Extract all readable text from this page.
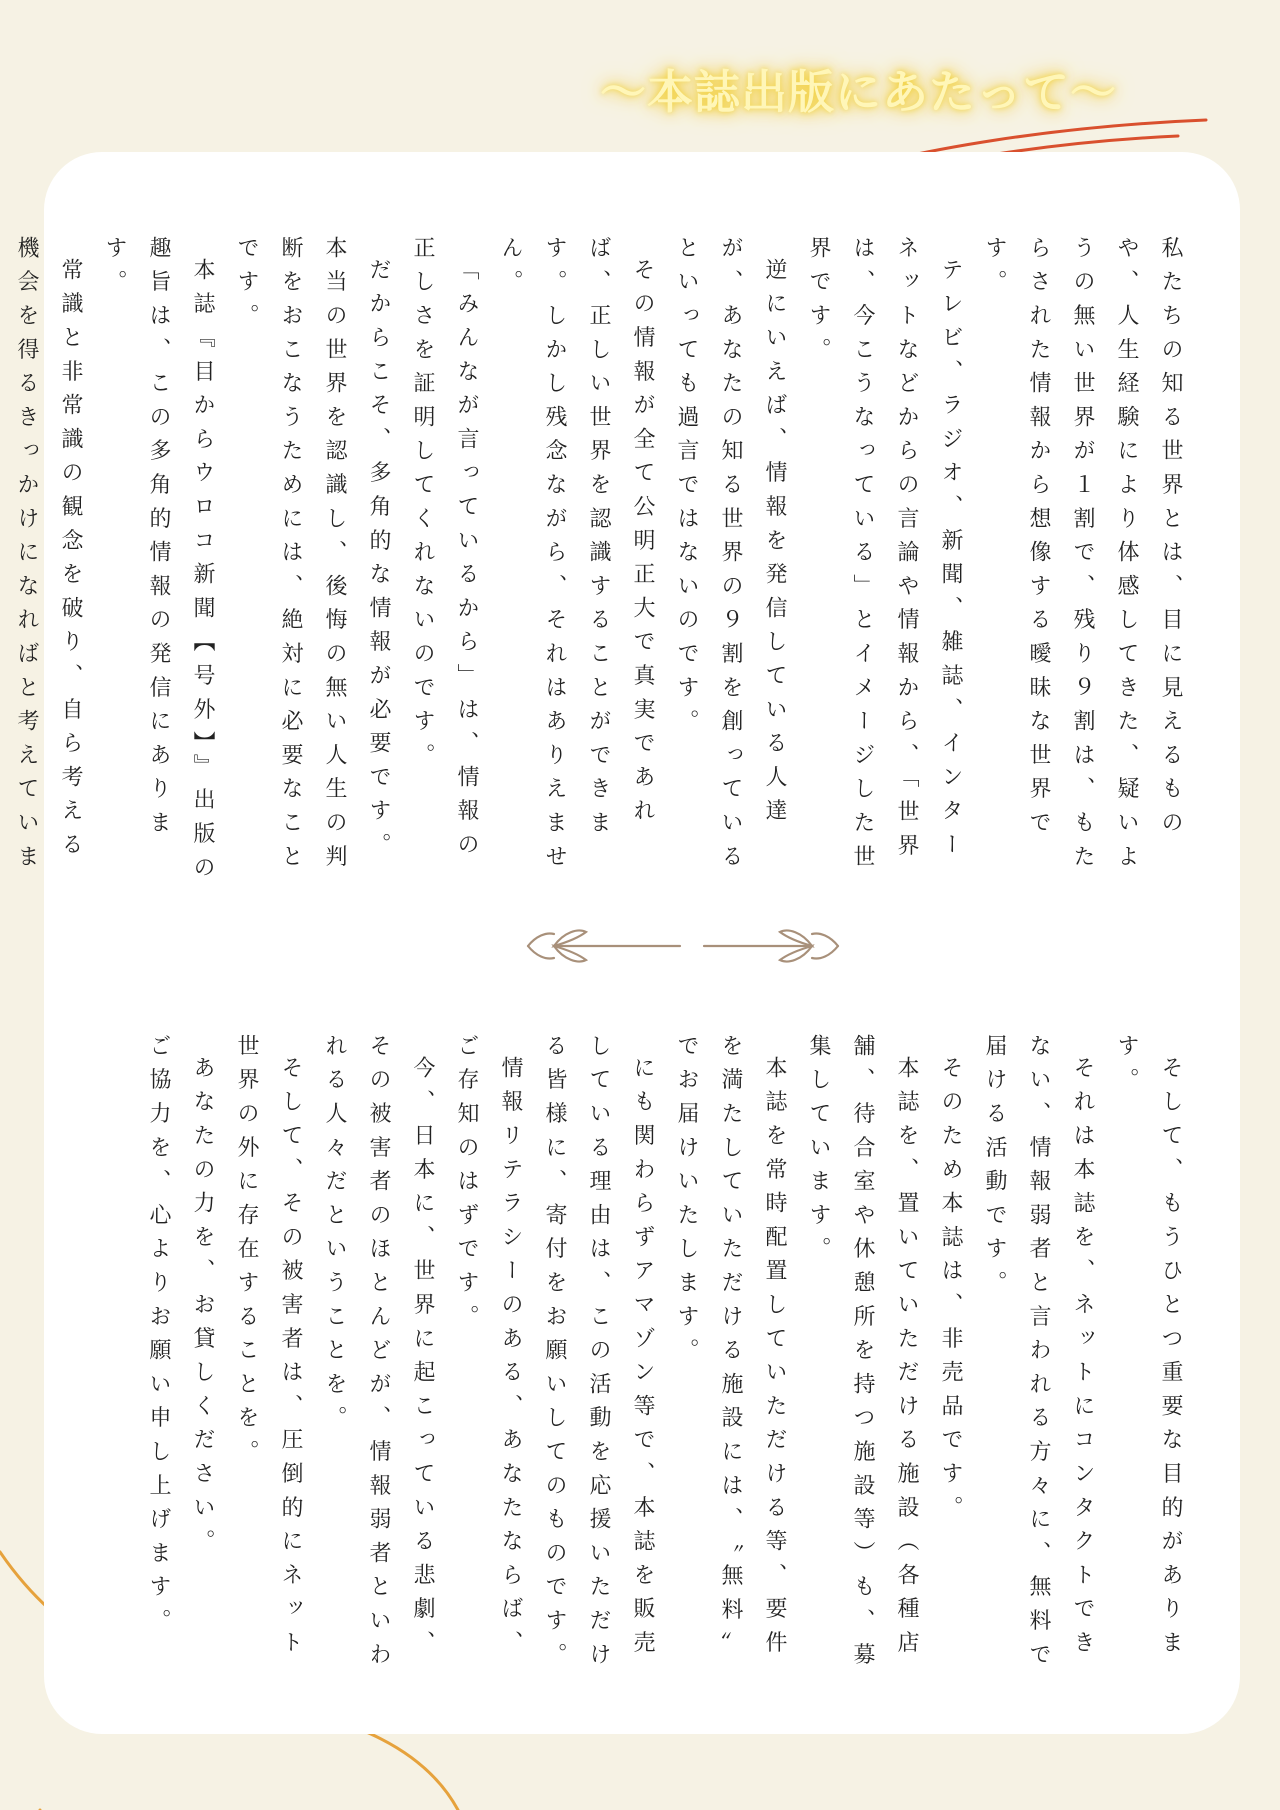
〜本誌出版にあたって〜

私たちの知る世界とは、目に見えるものや、人生経験により体感してきた、疑いようの無い世界が１割で、残り９割は、もたらされた情報から想像する曖昧な世界です。

テレビ、ラジオ、新聞、雑誌、インターネットなどからの言論や情報から、「世界は、今こうなっている」とイメージした世界です。

逆にいえば、情報を発信している人達が、あなたの知る世界の９割を創っているといっても過言ではないのです。

その情報が全て公明正大で真実であれば、正しい世界を認識することができます。しかし残念ながら、それはありえません。

「みんなが言っているから」は、情報の正しさを証明してくれないのです。

だからこそ、多角的な情報が必要です。

本当の世界を認識し、後悔の無い人生の判断をおこなうためには、絶対に必要なことです。

本誌『目からウロコ新聞【号外】』出版の趣旨は、この多角的情報の発信にあります。

常識と非常識の観念を破り、自ら考える機会を得るきっかけになればと考えていま

そして、もうひとつ重要な目的があります。

それは本誌を、ネットにコンタクトできない、情報弱者と言われる方々に、無料で届ける活動です。

そのため本誌は、非売品です。

本誌を、置いていただける施設（各種店舗、待合室や休憩所を持つ施設等）も、募集しています。

本誌を常時配置していただける等、要件を満たしていただける施設には、〝無料〟でお届けいたします。

にも関わらずアマゾン等で、本誌を販売している理由は、この活動を応援いただける皆様に、寄付をお願いしてのものです。

情報リテラシーのある、あなたならば、ご存知のはずです。

今、日本に、世界に起こっている悲劇、その被害者のほとんどが、情報弱者といわれる人々だということを。

そして、その被害者は、圧倒的にネット世界の外に存在することを。

あなたの力を、お貸しください。

ご協力を、心よりお願い申し上げます。
